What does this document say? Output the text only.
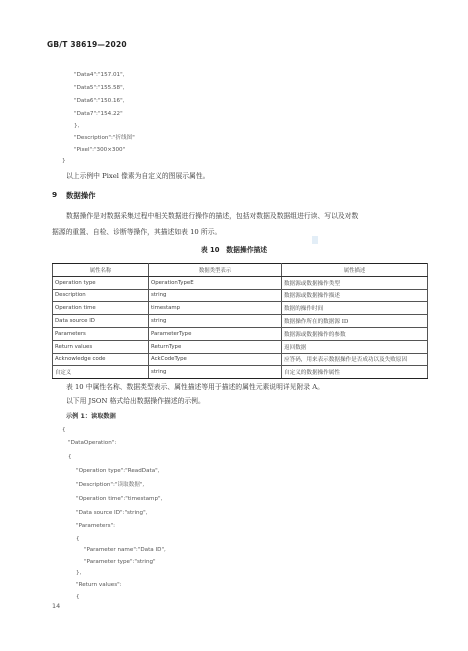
GB/T 38619—2020
"Data4":"157.01",
"Data5":"155.58",
"Data6":"150.16",
"Data7":"154.22"
},
"Description":"折线图"
"Pixel":"300×300"
}
以上示例中 Pixel 像素为自定义的图展示属性。
9 数据操作
数据操作是对数据采集过程中相关数据进行操作的描述，包括对数据及数据组进行读、写以及对数
据源的重置、自检、诊断等操作，其描述如表 10 所示。
表 10　数据操作描述
属性名称	数据类型表示	属性描述
Operation type	OperationTypeE	数据源或数据操作类型
Description	string	数据源或数据操作描述
Operation time	timestamp	数据的操作时间
Data source ID	string	数据操作所在的数据源 ID
Parameters	ParameterType	数据源或数据操作的参数
Return values	ReturnType	返回数据
Acknowledge code	AckCodeType	应答码，用来表示数据操作是否成功以及失败原因
自定义	string	自定义的数据操作属性
表 10 中属性名称、数据类型表示、属性描述等用于描述的属性元素说明详见附录 A。
以下用 JSON 格式给出数据操作描述的示例。
示例 1：读取数据
{
"DataOperation":
{
"Operation type":"ReadData",
"Description":"读取数据",
"Operation time":"timestamp",
"Data source ID":"string",
"Parameters":
{
"Parameter name":"Data ID",
"Parameter type":"string"
},
"Return values":
{
14
